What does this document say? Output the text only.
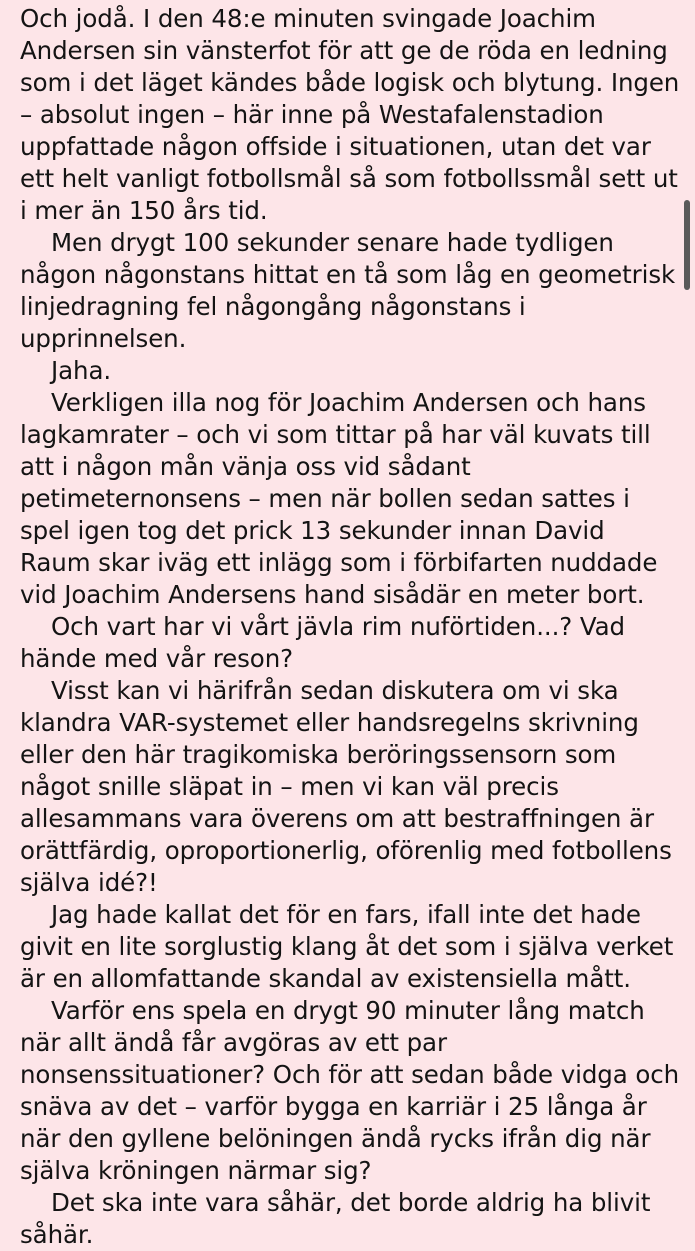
Och jodå. I den 48:e minuten svingade Joachim Andersen sin vänsterfot för att ge de röda en ledning som i det läget kändes både logisk och blytung. Ingen – absolut ingen – här inne på Westafalenstadion uppfattade någon offside i situationen, utan det var ett helt vanligt fotbollsmål så som fotbollssmål sett ut i mer än 150 års tid.

Men drygt 100 sekunder senare hade tydligen någon någonstans hittat en tå som låg en geometrisk linjedragning fel någongång någonstans i upprinnelsen.

Jaha.

Verkligen illa nog för Joachim Andersen och hans lagkamrater – och vi som tittar på har väl kuvats till att i någon mån vänja oss vid sådant petimeternonsens – men när bollen sedan sattes i spel igen tog det prick 13 sekunder innan David Raum skar iväg ett inlägg som i förbifarten nuddade vid Joachim Andersens hand sisådär en meter bort.

Och vart har vi vårt jävla rim nuförtiden...? Vad hände med vår reson?

Visst kan vi härifrån sedan diskutera om vi ska klandra VAR-systemet eller handsregelns skrivning eller den här tragikomiska beröringssensorn som något snille släpat in – men vi kan väl precis allesammans vara överens om att bestraffningen är orättfärdig, oproportionerlig, oförenlig med fotbollens själva idé?!

Jag hade kallat det för en fars, ifall inte det hade givit en lite sorglustig klang åt det som i själva verket är en allomfattande skandal av existensiella mått.

Varför ens spela en drygt 90 minuter lång match när allt ändå får avgöras av ett par nonsenssituationer? Och för att sedan både vidga och snäva av det – varför bygga en karriär i 25 långa år när den gyllene belöningen ändå rycks ifrån dig när själva kröningen närmar sig?

Det ska inte vara såhär, det borde aldrig ha blivit såhär.
